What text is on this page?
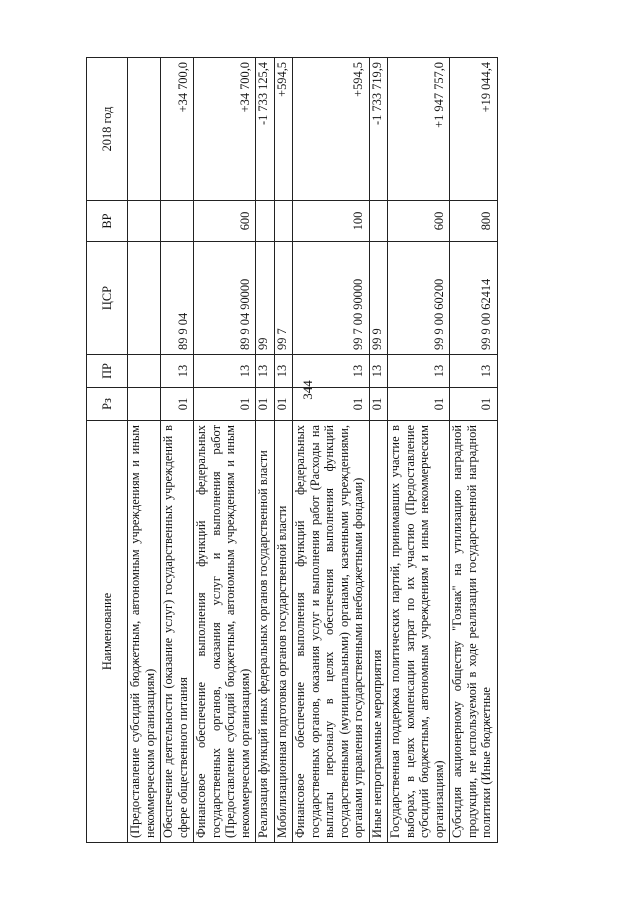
344
Наименование	Рз	ПР	ЦСР	ВР	2018 год
(Предоставление субсидий бюджетным, автономным учреждениям и иным некоммерческим организациям)					
Обеспечение деятельности (оказание услуг) государственных учреждений в сфере общественного питания	01	13	89 9 04		+34 700,0
Финансовое обеспечение выполнения функций федеральных государственных органов, оказания услуг и выполнения работ (Предоставление субсидий бюджетным, автономным учреждениям и иным некоммерческим организациям)	01	13	89 9 04 90000	600	+34 700,0
Реализация функций иных федеральных органов государственной власти	01	13	99		-1 733 125,4
Мобилизационная подготовка органов государственной власти	01	13	99 7		+594,5
Финансовое обеспечение выполнения функций федеральных государственных органов, оказания услуг и выполнения работ (Расходы на выплаты персоналу в целях обеспечения выполнения функций государственными (муниципальными) органами, казенными учреждениями, органами управления государственными внебюджетными фондами)	01	13	99 7 00 90000	100	+594,5
Иные непрограммные мероприятия	01	13	99 9		-1 733 719,9
Государственная поддержка политических партий, принимавших участие в выборах, в целях компенсации затрат по их участию (Предоставление субсидий бюджетным, автономным учреждениям и иным некоммерческим организациям)	01	13	99 9 00 60200	600	+1 947 757,0
Субсидия акционерному обществу "Гознак" на утилизацию наградной продукции, не используемой в ходе реализации государственной наградной политики (Иные бюджетные	01	13	99 9 00 62414	800	+19 044,4
